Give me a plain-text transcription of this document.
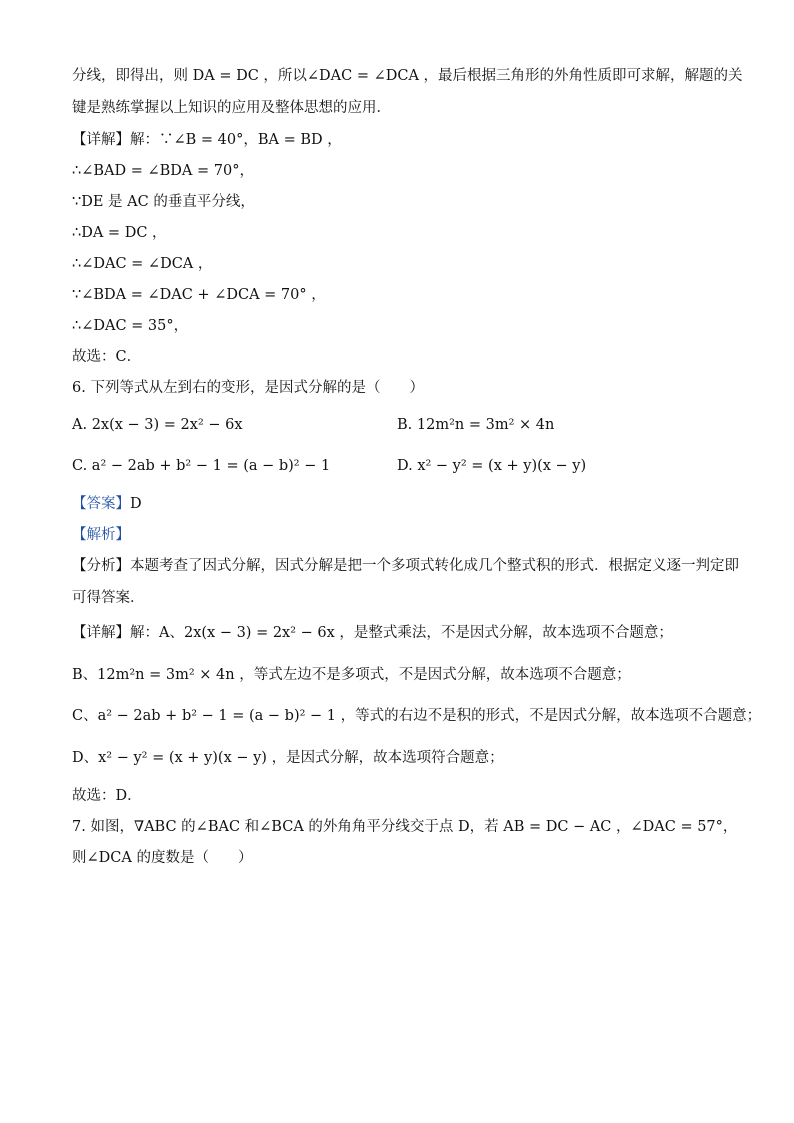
分线，即得出，则 DA = DC ，所以∠DAC = ∠DCA ，最后根据三角形的外角性质即可求解，解题的关
键是熟练掌握以上知识的应用及整体思想的应用．
【详解】解：∵∠B = 40°，BA = BD ，
∴∠BAD = ∠BDA = 70°，
∵DE 是 AC 的垂直平分线，
∴DA = DC ，
∴∠DAC = ∠DCA ，
∵∠BDA = ∠DAC + ∠DCA = 70° ，
∴∠DAC = 35°，
故选：C．
6. 下列等式从左到右的变形，是因式分解的是（　　）
A. 2x(x − 3) = 2x² − 6x	B. 12m²n = 3m² × 4n
C. a² − 2ab + b² − 1 = (a − b)² − 1	D. x² − y² = (x + y)(x − y)
【答案】D
【解析】
【分析】本题考查了因式分解，因式分解是把一个多项式转化成几个整式积的形式．根据定义逐一判定即
可得答案．
【详解】解：A、2x(x − 3) = 2x² − 6x ，是整式乘法，不是因式分解，故本选项不合题意；
B、12m²n = 3m² × 4n ，等式左边不是多项式，不是因式分解，故本选项不合题意；
C、a² − 2ab + b² − 1 = (a − b)² − 1 ，等式的右边不是积的形式，不是因式分解，故本选项不合题意；
D、x² − y² = (x + y)(x − y) ，是因式分解，故本选项符合题意；
故选：D．
7. 如图，∇ABC 的∠BAC 和∠BCA 的外角角平分线交于点 D，若 AB = DC − AC ，∠DAC = 57°，
则∠DCA 的度数是（　　）
